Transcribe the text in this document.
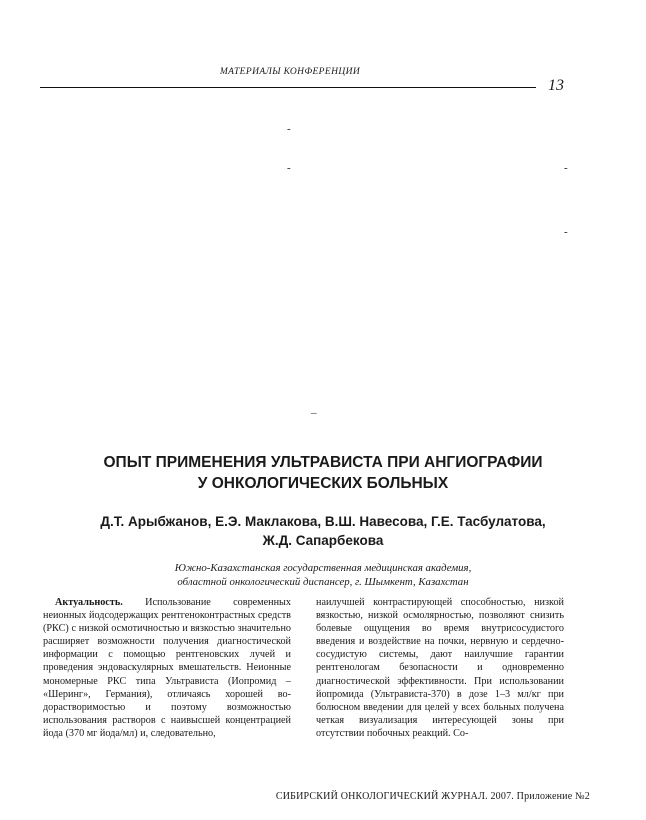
МАТЕРИАЛЫ КОНФЕРЕНЦИИ
13
-
-	-
-
–
ОПЫТ ПРИМЕНЕНИЯ УЛЬТРАВИСТА ПРИ АНГИОГРАФИИ
У ОНКОЛОГИЧЕСКИХ БОЛЬНЫХ
Д.Т. Арыбжанов, Е.Э. Маклакова, В.Ш. Навесова, Г.Е. Тасбулатова,
Ж.Д. Сапарбекова
Южно-Казахстанская государственная медицинская академия,
областной онкологический диспансер, г. Шымкент, Казахстан
Актуальность. Использование современных неионных йодсодержащих рентгеноконтрастных средств (РКС) с низкой осмотичностью и вязкостью значительно расширяет возможности получения диагностической информации с помощью рентгеновских лучей и проведения эндоваскулярных вмешательств. Неионные мономерные РКС типа Ультрависта (Иопромид – «Шеринг», Германия), отличаясь хорошей водорастворимостью и поэтому возможностью использования растворов с наивысшей концентрацией йода (370 мг йода/мл) и, следовательно,
наилучшей контрастирующей способностью, низкой вязкостью, низкой осмолярностью, позволяют снизить болевые ощущения во время внутрисосудистого введения и воздействие на почки, нервную и сердечно-сосудистую системы, дают наилучшие гарантии рентгенологам безопасности и одновременно диагностической эффективности. При использовании йопромида (Ультрависта-370) в дозе 1–3 мл/кг при болюсном введении для целей у всех больных получена четкая визуализация интересующей зоны при отсутствии побочных реакций. Со-
СИБИРСКИЙ ОНКОЛОГИЧЕСКИЙ ЖУРНАЛ. 2007. Приложение №2
